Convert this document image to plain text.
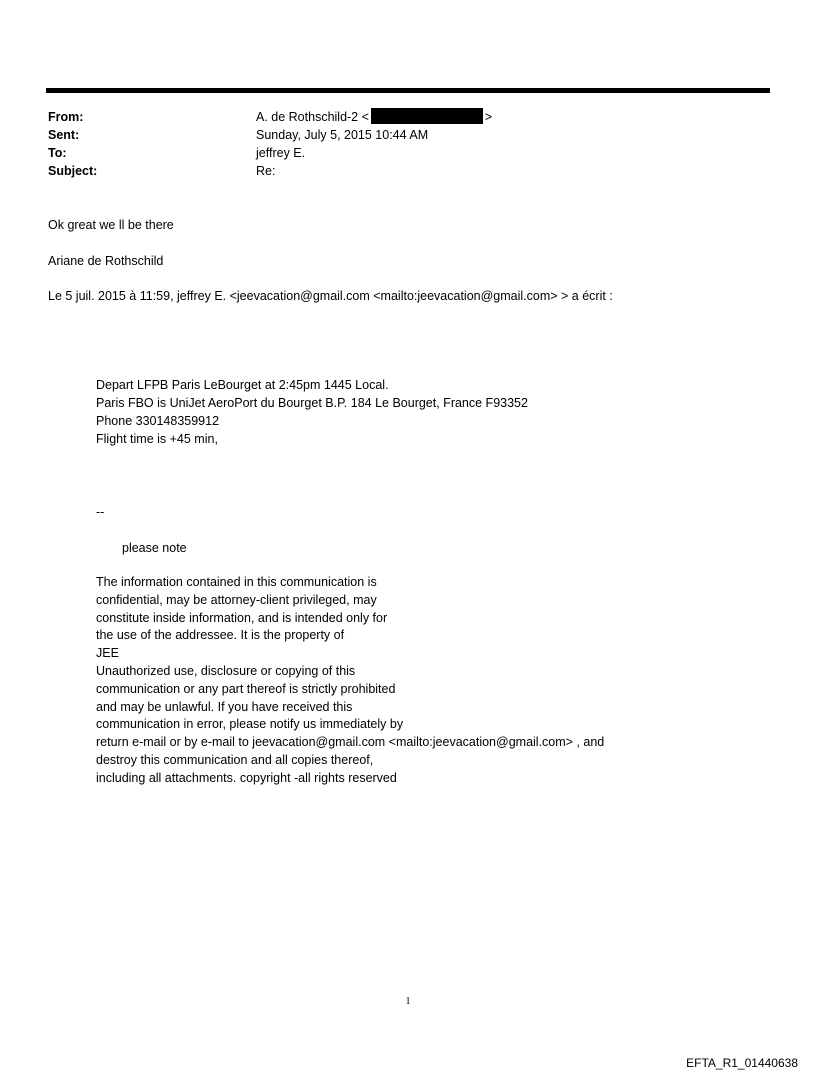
From:	A. de Rothschild-2 <	>
Sent:	Sunday, July 5, 2015 10:44 AM
To:	jeffrey E.
Subject:	Re:
Ok great we ll be there
Ariane de Rothschild
Le 5 juil. 2015 à 11:59, jeffrey E. <jeevacation@gmail.com <mailto:jeevacation@gmail.com> > a écrit :
Depart LFPB Paris LeBourget at 2:45pm 1445 Local.
Paris FBO is UniJet AeroPort du Bourget B.P. 184 Le Bourget, France F93352
Phone 330148359912
Flight time is +45 min,
--
please note
The information contained in this communication is
confidential, may be attorney-client privileged, may
constitute inside information, and is intended only for
the use of the addressee. It is the property of
JEE
Unauthorized use, disclosure or copying of this
communication or any part thereof is strictly prohibited
and may be unlawful. If you have received this
communication in error, please notify us immediately by
return e-mail or by e-mail to jeevacation@gmail.com <mailto:jeevacation@gmail.com> , and
destroy this communication and all copies thereof,
including all attachments. copyright -all rights reserved
1
EFTA_R1_01440638
